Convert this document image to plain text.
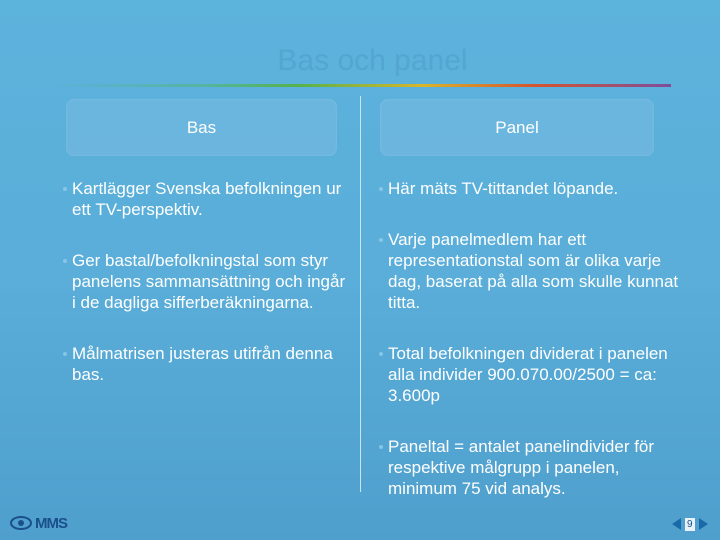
Bas och panel
Bas	Panel
Kartlägger Svenska befolkningen ur ett TV-perspektiv.
Ger bastal/befolkningstal som styr panelens sammansättning och ingår i de dagliga sifferberäkningarna.
Målmatrisen justeras utifrån denna bas.
Här mäts TV-tittandet löpande.
Varje panelmedlem har ett representationstal som är olika varje dag, baserat på alla som skulle kunnat titta.
Total befolkningen dividerat i panelen alla individer 900.070.00/2500 = ca: 3.600p
Paneltal = antalet panelindivider för respektive målgrupp i panelen, minimum 75 vid analys.
MMS	9
